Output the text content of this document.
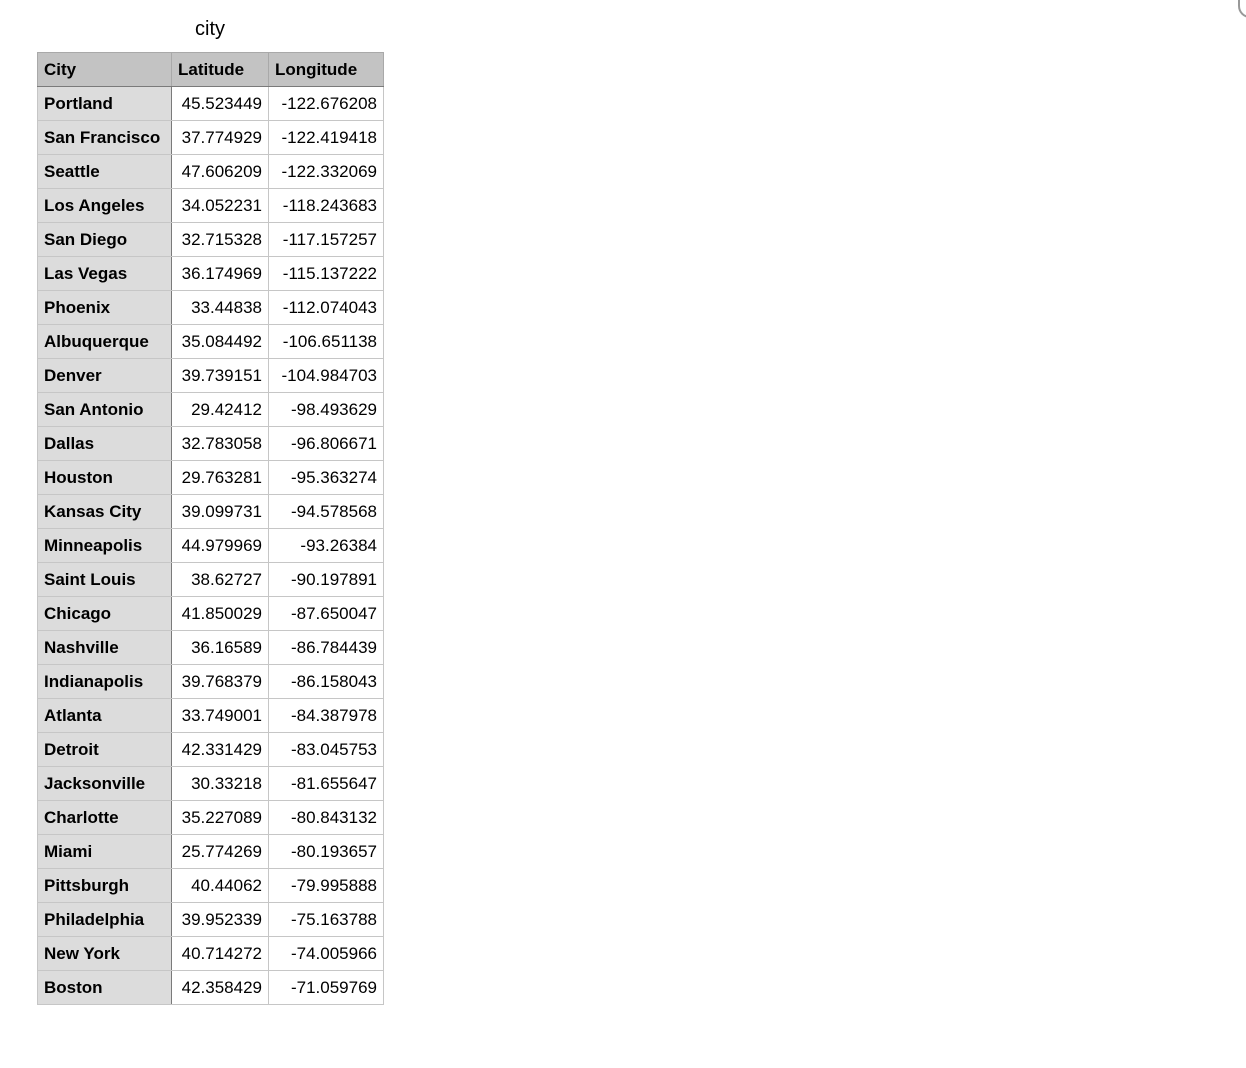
city
City	Latitude	Longitude
Portland	45.523449	-122.676208
San Francisco	37.774929	-122.419418
Seattle	47.606209	-122.332069
Los Angeles	34.052231	-118.243683
San Diego	32.715328	-117.157257
Las Vegas	36.174969	-115.137222
Phoenix	33.44838	-112.074043
Albuquerque	35.084492	-106.651138
Denver	39.739151	-104.984703
San Antonio	29.42412	-98.493629
Dallas	32.783058	-96.806671
Houston	29.763281	-95.363274
Kansas City	39.099731	-94.578568
Minneapolis	44.979969	-93.26384
Saint Louis	38.62727	-90.197891
Chicago	41.850029	-87.650047
Nashville	36.16589	-86.784439
Indianapolis	39.768379	-86.158043
Atlanta	33.749001	-84.387978
Detroit	42.331429	-83.045753
Jacksonville	30.33218	-81.655647
Charlotte	35.227089	-80.843132
Miami	25.774269	-80.193657
Pittsburgh	40.44062	-79.995888
Philadelphia	39.952339	-75.163788
New York	40.714272	-74.005966
Boston	42.358429	-71.059769
